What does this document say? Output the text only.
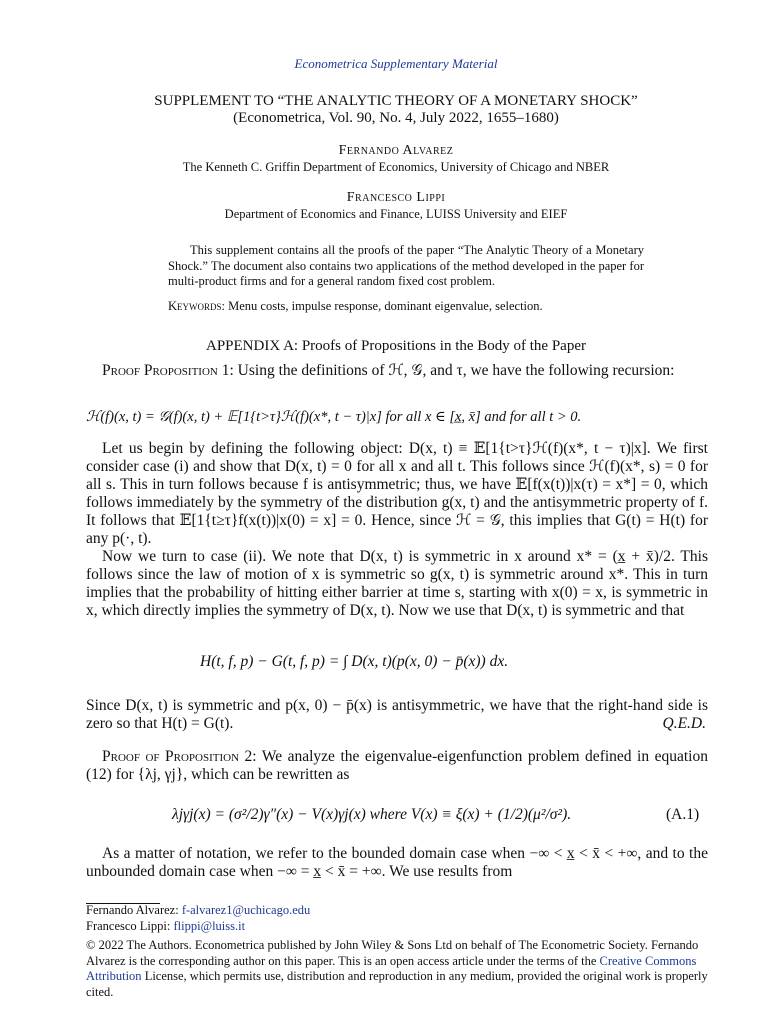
Econometrica Supplementary Material
SUPPLEMENT TO “THE ANALYTIC THEORY OF A MONETARY SHOCK”
(Econometrica, Vol. 90, No. 4, July 2022, 1655–1680)
Fernando Alvarez
The Kenneth C. Griffin Department of Economics, University of Chicago and NBER
Francesco Lippi
Department of Economics and Finance, LUISS University and EIEF
This supplement contains all the proofs of the paper “The Analytic Theory of a Monetary Shock.” The document also contains two applications of the method developed in the paper for multi-product firms and for a general random fixed cost problem.
Keywords: Menu costs, impulse response, dominant eigenvalue, selection.
APPENDIX A: Proofs of Propositions in the Body of the Paper
Proof Proposition 1: Using the definitions of ℋ, 𝒢, and τ, we have the following recursion:
ℋ(f)(x, t) = 𝒢(f)(x, t) + 𝔼[1{t>τ}ℋ(f)(x*, t − τ)|x] for all x ∈ [x̲, x̄] and for all t > 0.
Let us begin by defining the following object: D(x, t) ≡ 𝔼[1{t>τ}ℋ(f)(x*, t − τ)|x]. We first consider case (i) and show that D(x, t) = 0 for all x and all t. This follows since ℋ(f)(x*, s) = 0 for all s. This in turn follows because f is antisymmetric; thus, we have 𝔼[f(x(t))|x(τ) = x*] = 0, which follows immediately by the symmetry of the distribution g(x, t) and the antisymmetric property of f. It follows that 𝔼[1{t≥τ}f(x(t))|x(0) = x] = 0. Hence, since ℋ = 𝒢, this implies that G(t) = H(t) for any p(·, t).
Now we turn to case (ii). We note that D(x, t) is symmetric in x around x* = (x̲ + x̄)/2. This follows since the law of motion of x is symmetric so g(x, t) is symmetric around x*. This in turn implies that the probability of hitting either barrier at time s, starting with x(0) = x, is symmetric in x, which directly implies the symmetry of D(x, t). Now we use that D(x, t) is symmetric and that
H(t, f, p) − G(t, f, p) = ∫ D(x, t)(p(x, 0) − p̄(x)) dx.
Since D(x, t) is symmetric and p(x, 0) − p̄(x) is antisymmetric, we have that the right-hand side is zero so that H(t) = G(t).	Q.E.D.
Proof of Proposition 2: We analyze the eigenvalue-eigenfunction problem defined in equation (12) for {λj, γj}, which can be rewritten as
λjγj(x) = (σ²/2)γ″(x) − V(x)γj(x) where V(x) ≡ ξ(x) + (1/2)(μ²/σ²).	(A.1)
As a matter of notation, we refer to the bounded domain case when −∞ < x̲ < x̄ < +∞, and to the unbounded domain case when −∞ = x̲ < x̄ = +∞. We use results from
Fernando Alvarez: f-alvarez1@uchicago.edu
Francesco Lippi: flippi@luiss.it
© 2022 The Authors. Econometrica published by John Wiley & Sons Ltd on behalf of The Econometric Society. Fernando Alvarez is the corresponding author on this paper. This is an open access article under the terms of the Creative Commons Attribution License, which permits use, distribution and reproduction in any medium, provided the original work is properly cited.
